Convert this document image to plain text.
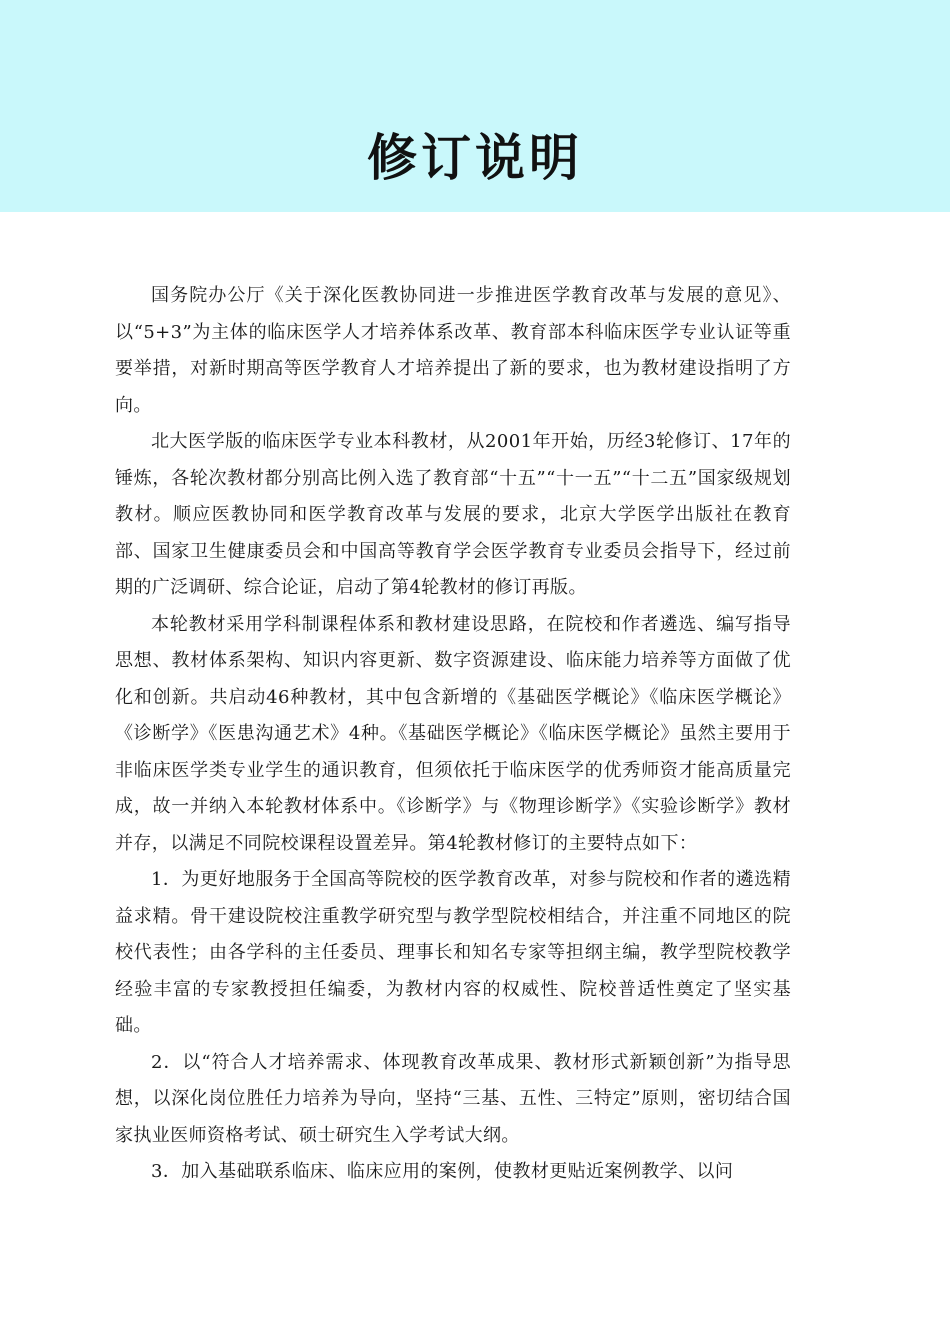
修订说明

国务院办公厅《关于深化医教协同进一步推进医学教育改革与发展的意见》、以“5+3”为主体的临床医学人才培养体系改革、教育部本科临床医学专业认证等重要举措，对新时期高等医学教育人才培养提出了新的要求，也为教材建设指明了方向。

北大医学版的临床医学专业本科教材，从2001年开始，历经3轮修订、17年的锤炼，各轮次教材都分别高比例入选了教育部“十五”“十一五”“十二五”国家级规划教材。顺应医教协同和医学教育改革与发展的要求，北京大学医学出版社在教育部、国家卫生健康委员会和中国高等教育学会医学教育专业委员会指导下，经过前期的广泛调研、综合论证，启动了第4轮教材的修订再版。

本轮教材采用学科制课程体系和教材建设思路，在院校和作者遴选、编写指导思想、教材体系架构、知识内容更新、数字资源建设、临床能力培养等方面做了优化和创新。共启动46种教材，其中包含新增的《基础医学概论》《临床医学概论》《诊断学》《医患沟通艺术》4种。《基础医学概论》《临床医学概论》虽然主要用于非临床医学类专业学生的通识教育，但须依托于临床医学的优秀师资才能高质量完成，故一并纳入本轮教材体系中。《诊断学》与《物理诊断学》《实验诊断学》教材并存，以满足不同院校课程设置差异。第4轮教材修订的主要特点如下：

1．为更好地服务于全国高等院校的医学教育改革，对参与院校和作者的遴选精益求精。骨干建设院校注重教学研究型与教学型院校相结合，并注重不同地区的院校代表性；由各学科的主任委员、理事长和知名专家等担纲主编，教学型院校教学经验丰富的专家教授担任编委，为教材内容的权威性、院校普适性奠定了坚实基础。

2．以“符合人才培养需求、体现教育改革成果、教材形式新颖创新”为指导思想，以深化岗位胜任力培养为导向，坚持“三基、五性、三特定”原则，密切结合国家执业医师资格考试、硕士研究生入学考试大纲。

3．加入基础联系临床、临床应用的案例，使教材更贴近案例教学、以问
